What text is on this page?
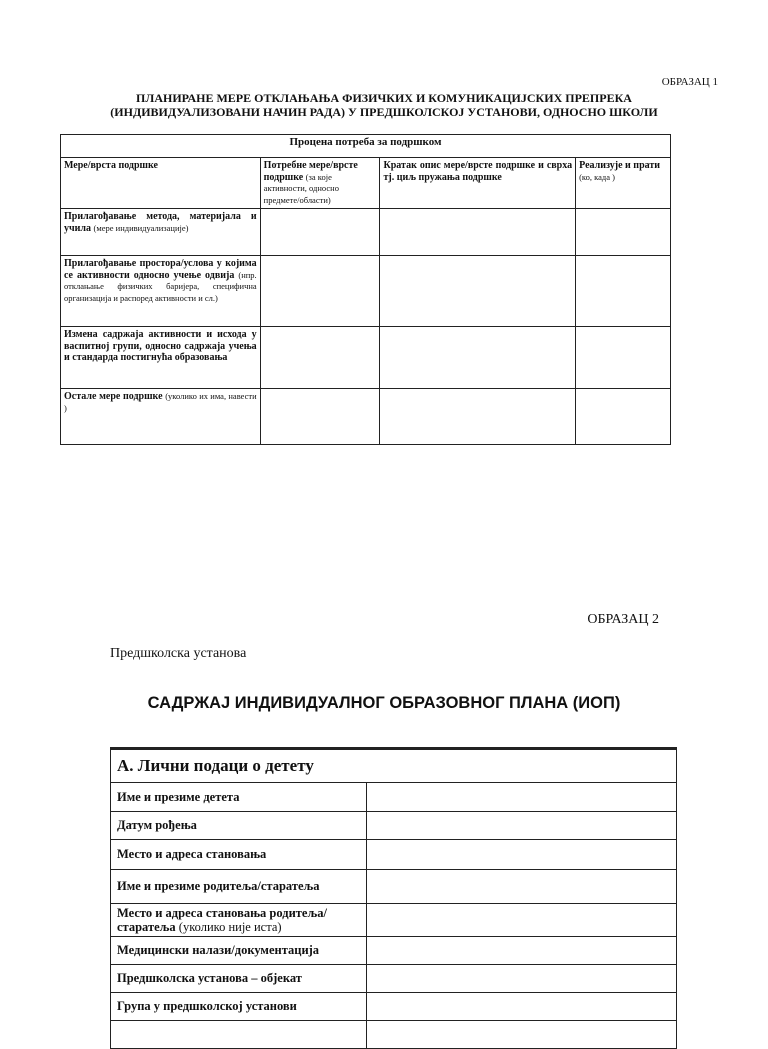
ОБРАЗАЦ 1
ПЛАНИРАНЕ МЕРЕ ОТКЛАЊАЊА ФИЗИЧКИХ И КОМУНИКАЦИЈСКИХ ПРЕПРЕКА
(ИНДИВИДУАЛИЗОВАНИ НАЧИН РАДА) У ПРЕДШКОЛСКОЈ УСТАНОВИ, ОДНОСНО ШКОЛИ
Процена потреба за подршком			
Мере/врста подршке	Потребне мере/врсте подршке (за које активности, односно предмете/области)	Кратак опис мере/врсте подршке и сврха тј. циљ пружања подршке	Реализује и прати (ко, када )
Прилагођавање метода, материјала и учила (мере индивидуализације)			
Прилагођавање простора/услова у којима се активности односно учење одвија (нпр. отклањање физичких баријера, специфична организација и распоред активности и сл.)			
Измена садржаја активности и исхода у васпитној групи, односно садржаја учења и стандарда постигнућа образовања			
Остале мере подршке (уколико их има, навести )			
ОБРАЗАЦ 2
Предшколска установа
САДРЖАЈ ИНДИВИДУАЛНОГ ОБРАЗОВНОГ ПЛАНА (ИОП)
А. Лични подаци о детету	
Име и презиме детета	
Датум рођења	
Место и адреса становања	
Име и презиме родитеља/старатеља	
Место и адреса становања родитеља/старатеља (уколико није иста)	
Медицински налази/документација	
Предшколска установа – објекат	
Група у предшколској установи	
